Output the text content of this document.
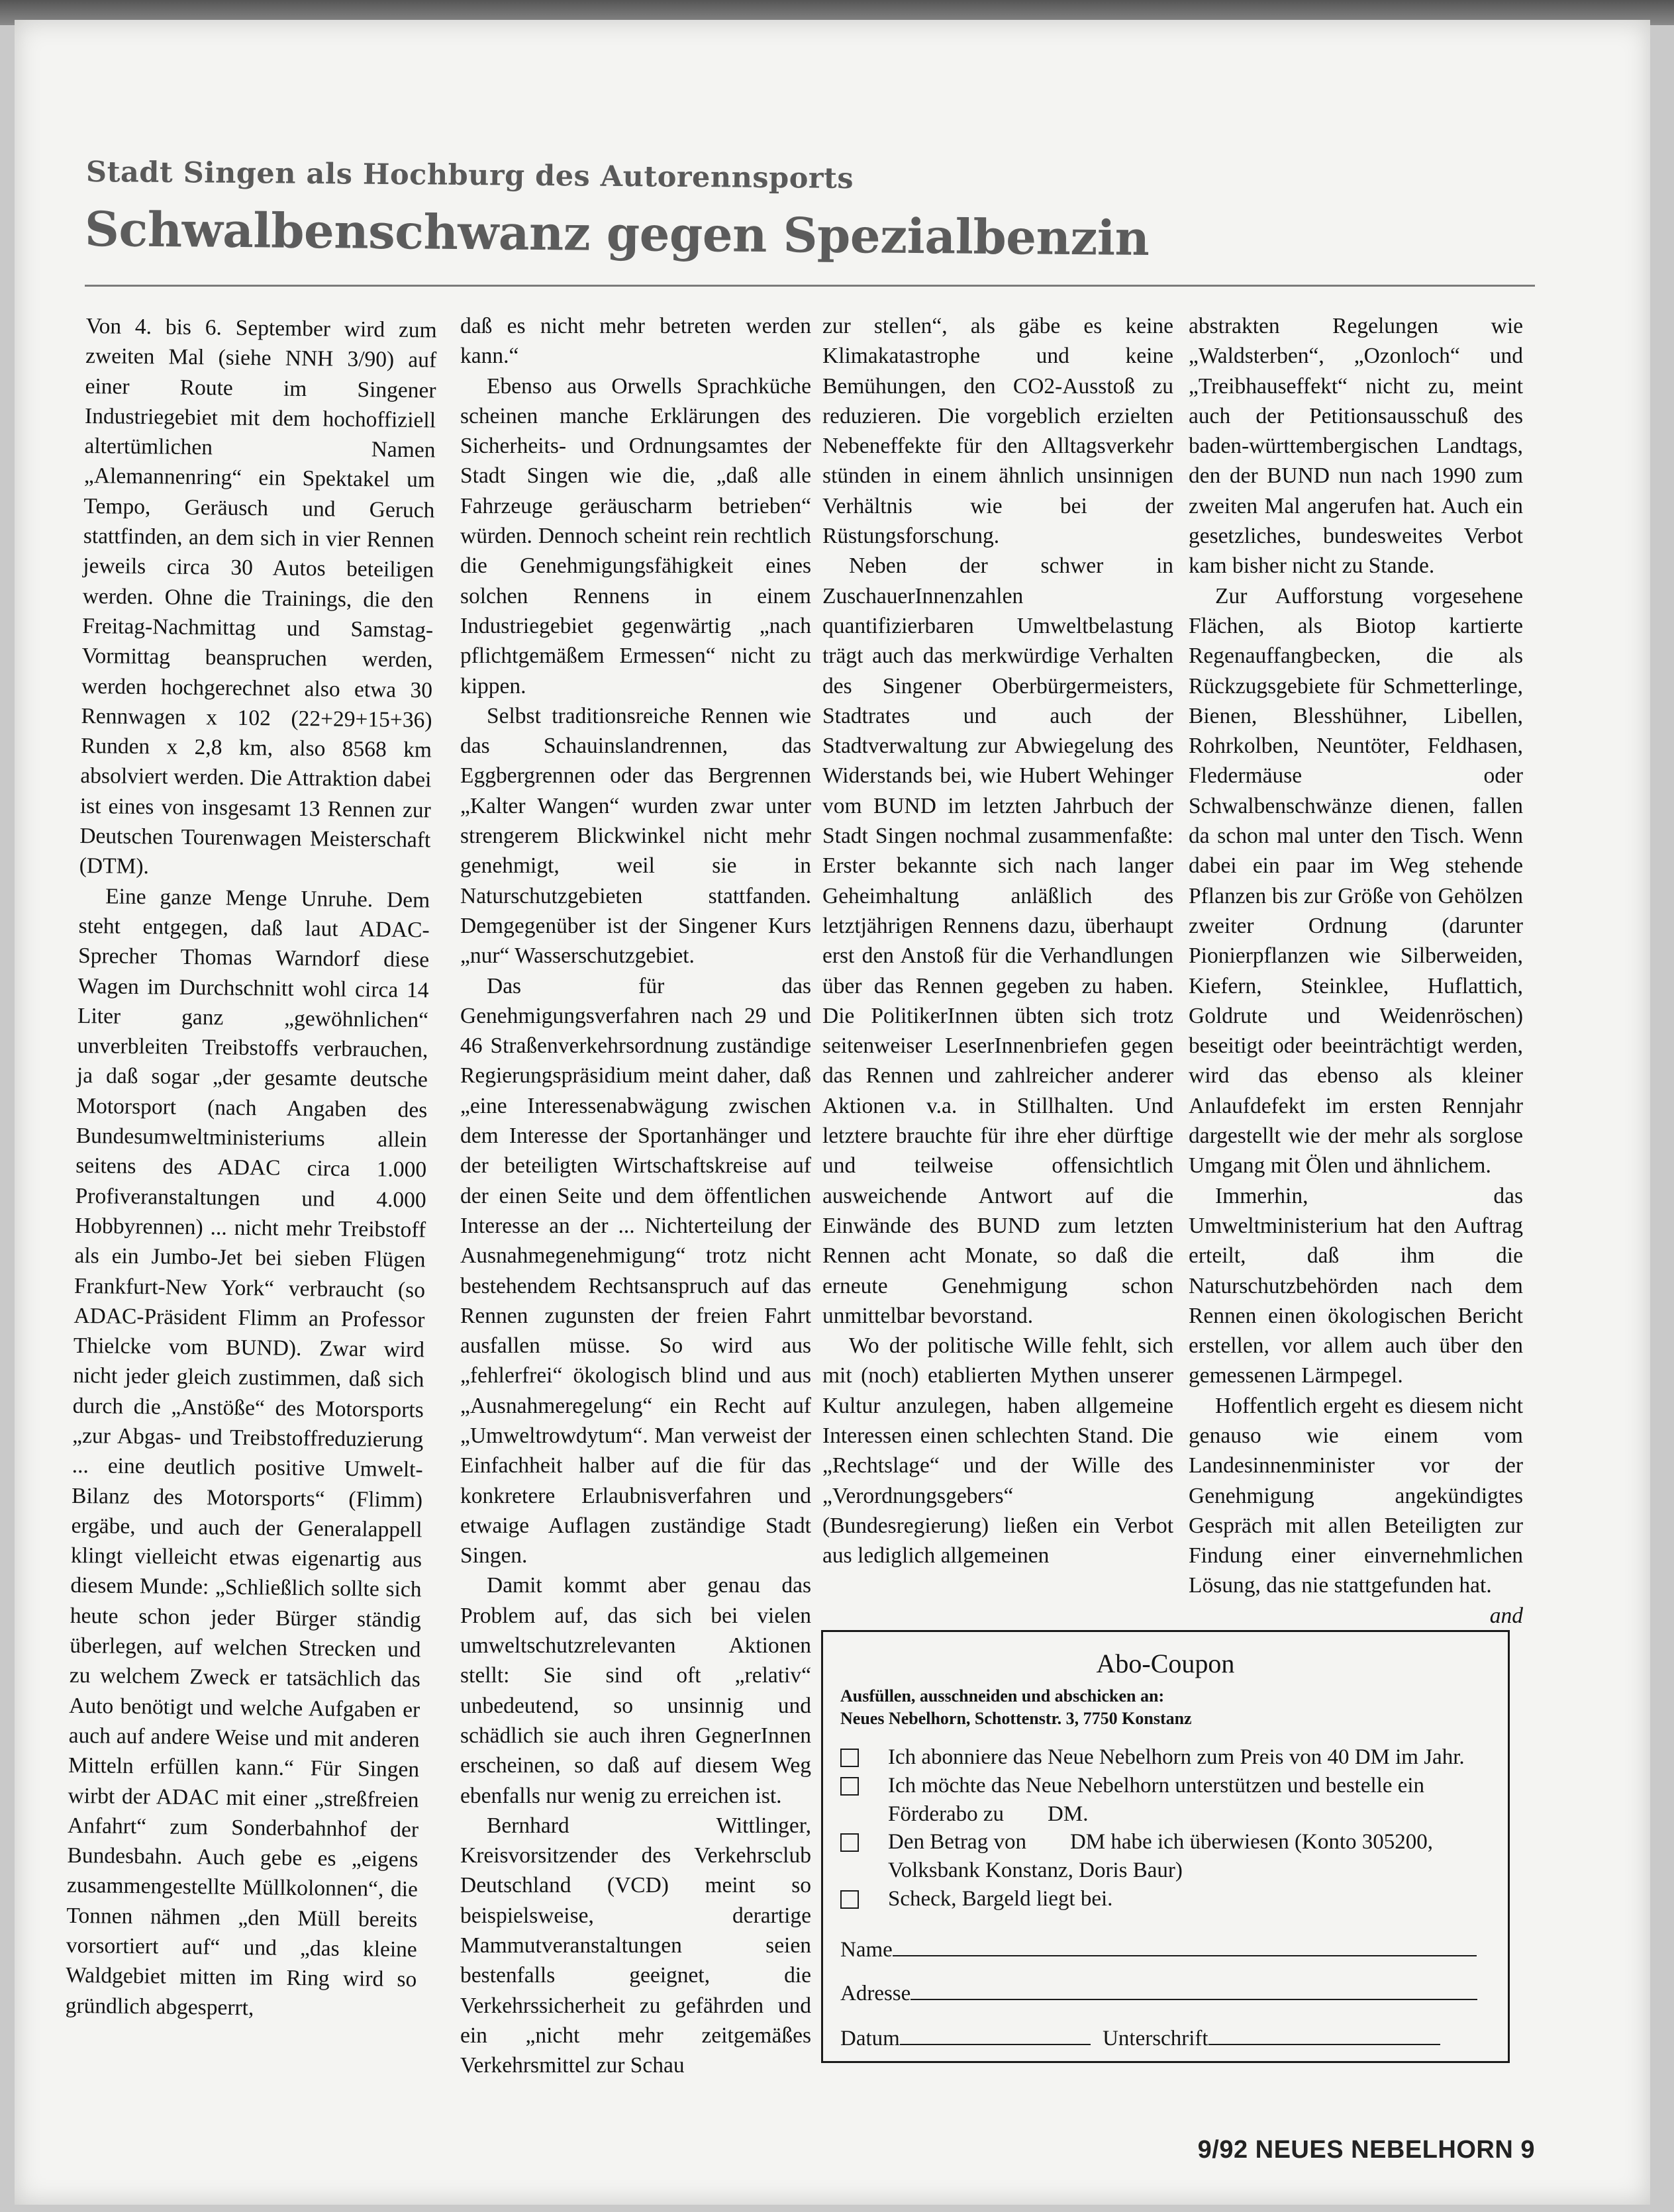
Stadt Singen als Hochburg des Autorennsports
Schwalbenschwanz gegen Spezialbenzin

Von 4. bis 6. September wird zum zweiten Mal (siehe NNH 3/90) auf einer Route im Singener Industriegebiet mit dem hochoffiziell altertümlichen Namen „Alemannenring“ ein Spektakel um Tempo, Geräusch und Geruch stattfinden, an dem sich in vier Rennen jeweils circa 30 Autos beteiligen werden. Ohne die Trainings, die den Freitag-Nachmittag und Samstag-Vormittag beanspruchen werden, werden hochgerechnet also etwa 30 Rennwagen x 102 (22+29+15+36) Runden x 2,8 km, also 8568 km absolviert werden. Die Attraktion dabei ist eines von insgesamt 13 Rennen zur Deutschen Tourenwagen Meisterschaft (DTM).

Eine ganze Menge Unruhe. Dem steht entgegen, daß laut ADAC-Sprecher Thomas Warndorf diese Wagen im Durchschnitt wohl circa 14 Liter ganz „gewöhnlichen“ unverbleiten Treibstoffs verbrauchen, ja daß sogar „der gesamte deutsche Motorsport (nach Angaben des Bundesumweltministeriums allein seitens des ADAC circa 1.000 Profiveranstaltungen und 4.000 Hobbyrennen) ... nicht mehr Treibstoff als ein Jumbo-Jet bei sieben Flügen Frankfurt-New York“ verbraucht (so ADAC-Präsident Flimm an Professor Thielcke vom BUND). Zwar wird nicht jeder gleich zustimmen, daß sich durch die „Anstöße“ des Motorsports „zur Abgas- und Treibstoffreduzierung ... eine deutlich positive Umwelt-Bilanz des Motorsports“ (Flimm) ergäbe, und auch der Generalappell klingt vielleicht etwas eigenartig aus diesem Munde: „Schließlich sollte sich heute schon jeder Bürger ständig überlegen, auf welchen Strecken und zu welchem Zweck er tatsächlich das Auto benötigt und welche Aufgaben er auch auf andere Weise und mit anderen Mitteln erfüllen kann.“ Für Singen wirbt der ADAC mit einer „streßfreien Anfahrt“ zum Sonderbahnhof der Bundesbahn. Auch gebe es „eigens zusammengestellte Müllkolonnen“, die Tonnen nähmen „den Müll bereits vorsortiert auf“ und „das kleine Waldgebiet mitten im Ring wird so gründlich abgesperrt,

daß es nicht mehr betreten werden kann.“

Ebenso aus Orwells Sprachküche scheinen manche Erklärungen des Sicherheits- und Ordnungsamtes der Stadt Singen wie die, „daß alle Fahrzeuge geräuscharm betrieben“ würden. Dennoch scheint rein rechtlich die Genehmigungsfähigkeit eines solchen Rennens in einem Industriegebiet gegenwärtig „nach pflichtgemäßem Ermessen“ nicht zu kippen.

Selbst traditionsreiche Rennen wie das Schauinslandrennen, das Eggbergrennen oder das Bergrennen „Kalter Wangen“ wurden zwar unter strengerem Blickwinkel nicht mehr genehmigt, weil sie in Naturschutzgebieten stattfanden. Demgegenüber ist der Singener Kurs „nur“ Wasserschutzgebiet.

Das für das Genehmigungsverfahren nach 29 und 46 Straßenverkehrsordnung zuständige Regierungspräsidium meint daher, daß „eine Interessenabwägung zwischen dem Interesse der Sportanhänger und der beteiligten Wirtschaftskreise auf der einen Seite und dem öffentlichen Interesse an der ... Nichterteilung der Ausnahmegenehmigung“ trotz nicht bestehendem Rechtsanspruch auf das Rennen zugunsten der freien Fahrt ausfallen müsse. So wird aus „fehlerfrei“ ökologisch blind und aus „Ausnahmeregelung“ ein Recht auf „Umweltrowdytum“. Man verweist der Einfachheit halber auf die für das konkretere Erlaubnisverfahren und etwaige Auflagen zuständige Stadt Singen.

Damit kommt aber genau das Problem auf, das sich bei vielen umweltschutzrelevanten Aktionen stellt: Sie sind oft „relativ“ unbedeutend, so unsinnig und schädlich sie auch ihren GegnerInnen erscheinen, so daß auf diesem Weg ebenfalls nur wenig zu erreichen ist.

Bernhard Wittlinger, Kreisvorsitzender des Verkehrsclub Deutschland (VCD) meint so beispielsweise, derartige Mammutveranstaltungen seien bestenfalls geeignet, die Verkehrssicherheit zu gefährden und ein „nicht mehr zeitgemäßes Verkehrsmittel zur Schau

zur stellen“, als gäbe es keine Klimakatastrophe und keine Bemühungen, den CO2-Ausstoß zu reduzieren. Die vorgeblich erzielten Nebeneffekte für den Alltagsverkehr stünden in einem ähnlich unsinnigen Verhältnis wie bei der Rüstungsforschung.

Neben der schwer in ZuschauerInnenzahlen quantifizierbaren Umweltbelastung trägt auch das merkwürdige Verhalten des Singener Oberbürgermeisters, Stadtrates und auch der Stadtverwaltung zur Abwiegelung des Widerstands bei, wie Hubert Wehinger vom BUND im letzten Jahrbuch der Stadt Singen nochmal zusammenfaßte: Erster bekannte sich nach langer Geheimhaltung anläßlich des letztjährigen Rennens dazu, überhaupt erst den Anstoß für die Verhandlungen über das Rennen gegeben zu haben. Die PolitikerInnen übten sich trotz seitenweiser LeserInnenbriefen gegen das Rennen und zahlreicher anderer Aktionen v.a. in Stillhalten. Und letztere brauchte für ihre eher dürftige und teilweise offensichtlich ausweichende Antwort auf die Einwände des BUND zum letzten Rennen acht Monate, so daß die erneute Genehmigung schon unmittelbar bevorstand.

Wo der politische Wille fehlt, sich mit (noch) etablierten Mythen unserer Kultur anzulegen, haben allgemeine Interessen einen schlechten Stand. Die „Rechtslage“ und der Wille des „Verordnungsgebers“ (Bundesregierung) ließen ein Verbot aus lediglich allgemeinen

abstrakten Regelungen wie „Waldsterben“, „Ozonloch“ und „Treibhauseffekt“ nicht zu, meint auch der Petitionsausschuß des baden-württembergischen Landtags, den der BUND nun nach 1990 zum zweiten Mal angerufen hat. Auch ein gesetzliches, bundesweites Verbot kam bisher nicht zu Stande.

Zur Aufforstung vorgesehene Flächen, als Biotop kartierte Regenauffangbecken, die als Rückzugsgebiete für Schmetterlinge, Bienen, Blesshühner, Libellen, Rohrkolben, Neuntöter, Feldhasen, Fledermäuse oder Schwalbenschwänze dienen, fallen da schon mal unter den Tisch. Wenn dabei ein paar im Weg stehende Pflanzen bis zur Größe von Gehölzen zweiter Ordnung (darunter Pionierpflanzen wie Silberweiden, Kiefern, Steinklee, Huflattich, Goldrute und Weidenröschen) beseitigt oder beeinträchtigt werden, wird das ebenso als kleiner Anlaufdefekt im ersten Rennjahr dargestellt wie der mehr als sorglose Umgang mit Ölen und ähnlichem.

Immerhin, das Umweltministerium hat den Auftrag erteilt, daß ihm die Naturschutzbehörden nach dem Rennen einen ökologischen Bericht erstellen, vor allem auch über den gemessenen Lärmpegel.

Hoffentlich ergeht es diesem nicht genauso wie einem vom Landesinnenminister vor der Genehmigung angekündigtes Gespräch mit allen Beteiligten zur Findung einer einvernehmlichen Lösung, das nie stattgefunden hat.
and

Abo-Coupon
Ausfüllen, ausschneiden und abschicken an:
Neues Nebelhorn, Schottenstr. 3, 7750 Konstanz
Ich abonniere das Neue Nebelhorn zum Preis von 40 DM im Jahr.
Ich möchte das Neue Nebelhorn unterstützen und bestelle ein
Förderabo zu        DM.
Den Betrag von        DM habe ich überwiesen (Konto 305200,
Volksbank Konstanz, Doris Baur)
Scheck, Bargeld liegt bei.
Name
Adresse
Datum	Unterschrift
9/92 NEUES NEBELHORN 9
